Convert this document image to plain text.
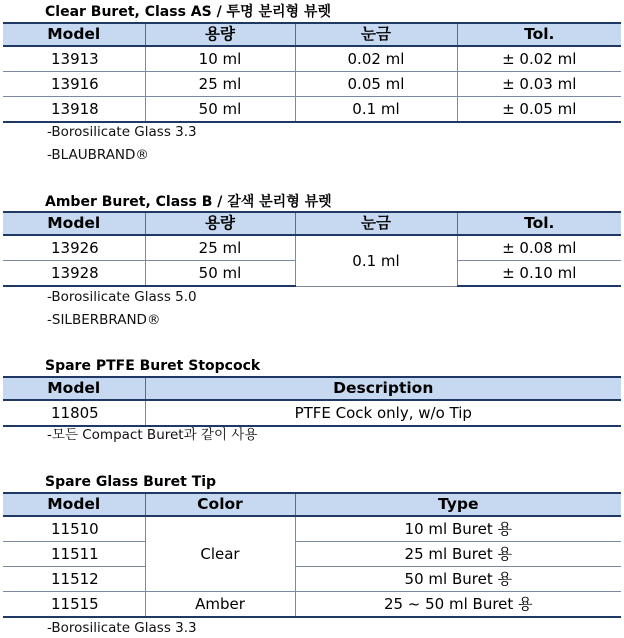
Clear Buret, Class AS / 투명 분리형 뷰렛
Model	용량	눈금	Tol.
13913	10 ml	0.02 ml	± 0.02 ml
13916	25 ml	0.05 ml	± 0.03 ml
13918	50 ml	0.1 ml	± 0.05 ml
-Borosilicate Glass 3.3
-BLAUBRAND®
Amber Buret, Class B / 갈색 분리형 뷰렛
Model	용량	눈금	Tol.
13926	25 ml	0.1 ml	± 0.08 ml
13928	50 ml		± 0.10 ml
-Borosilicate Glass 5.0
-SILBERBRAND®
Spare PTFE Buret Stopcock
Model	Description
11805	PTFE Cock only, w/o Tip
-모든 Compact Buret과 같이 사용
Spare Glass Buret Tip
Model	Color	Type
11510	Clear	10 ml Buret 용
11511		25 ml Buret 용
11512		50 ml Buret 용
11515	Amber	25 ~ 50 ml Buret 용
-Borosilicate Glass 3.3
